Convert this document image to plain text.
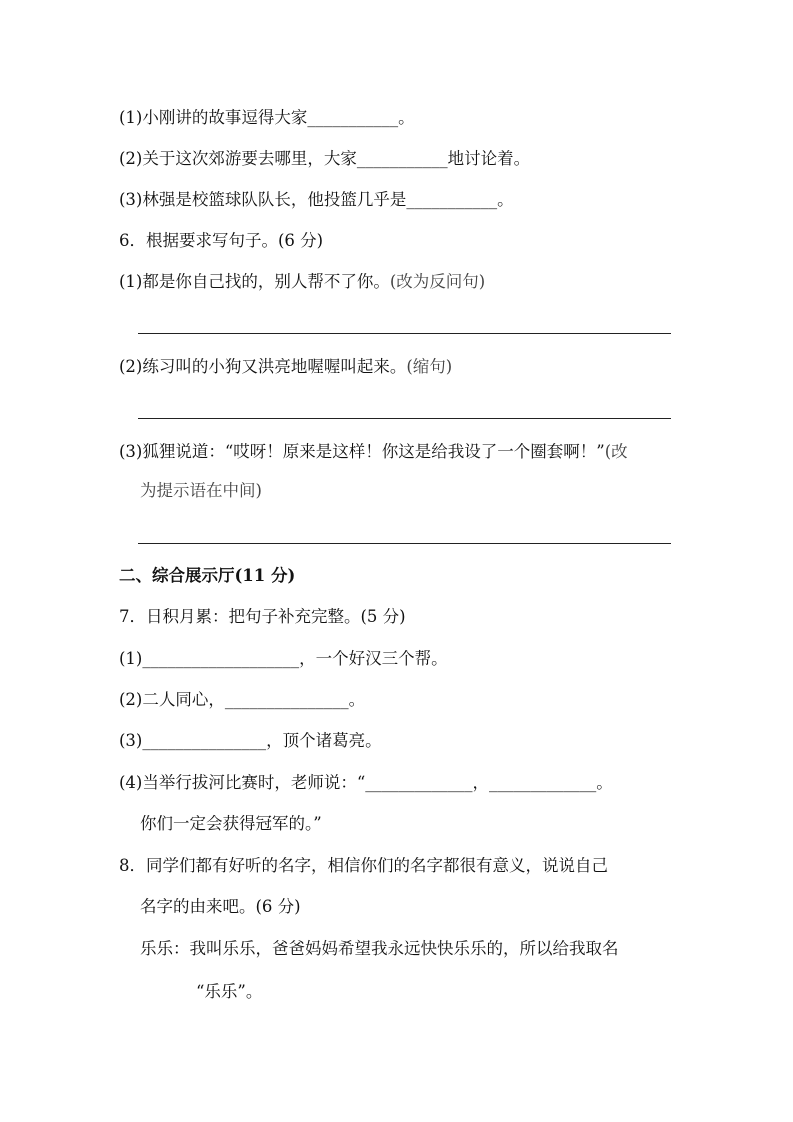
(1)小刚讲的故事逗得大家___________。
(2)关于这次郊游要去哪里，大家___________地讨论着。
(3)林强是校篮球队队长，他投篮几乎是___________。
6．根据要求写句子。(6 分)
(1)都是你自己找的，别人帮不了你。(改为反问句)
(2)练习叫的小狗又洪亮地喔喔叫起来。(缩句)
(3)狐狸说道：“哎呀！原来是这样！你这是给我设了一个圈套啊！”(改
为提示语在中间)
二、综合展示厅(11 分)
7．日积月累：把句子补充完整。(5 分)
(1)___________________，一个好汉三个帮。
(2)二人同心，_______________。
(3)_______________，顶个诸葛亮。
(4)当举行拔河比赛时，老师说：“_____________，_____________。
你们一定会获得冠军的。”
8．同学们都有好听的名字，相信你们的名字都很有意义，说说自己
名字的由来吧。(6 分)
乐乐：我叫乐乐，爸爸妈妈希望我永远快快乐乐的，所以给我取名
“乐乐”。
